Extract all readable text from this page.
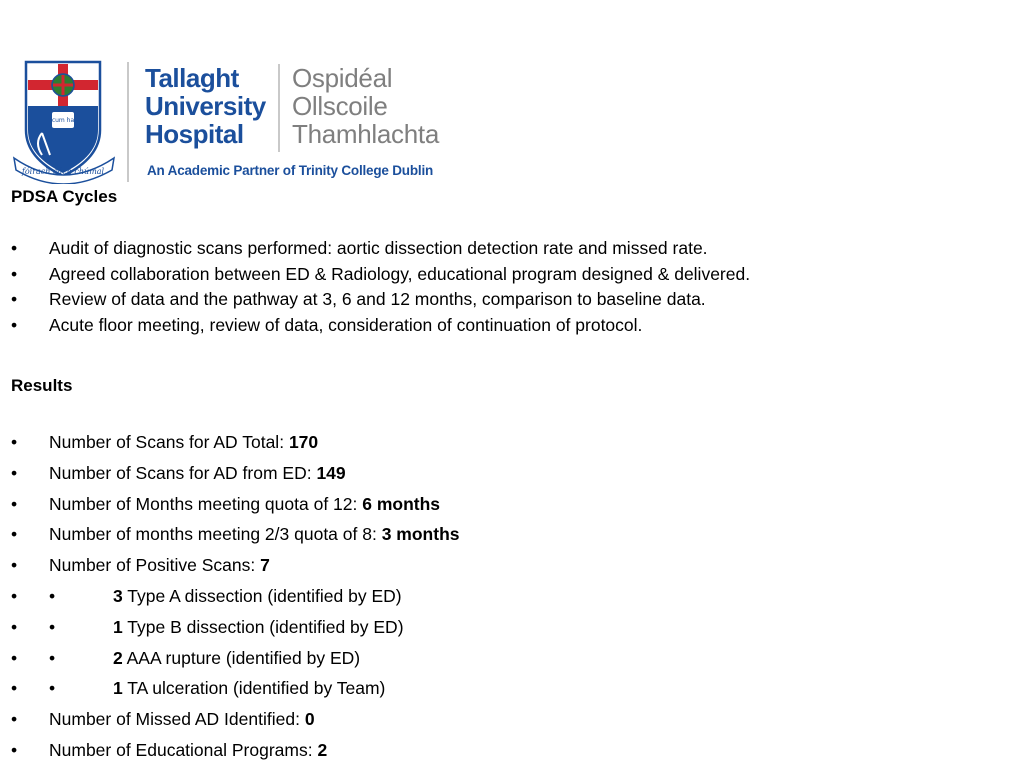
cum ha
fóirach cách chúmal
Tallaght
University
Hospital
Ospidéal
Ollscoile
Thamhlachta
An Academic Partner of Trinity College Dublin
PDSA Cycles
• Audit of diagnostic scans performed: aortic dissection detection rate and missed rate.
• Agreed collaboration between ED & Radiology, educational program designed & delivered.
• Review of data and the pathway at 3, 6 and 12 months, comparison to baseline data.
• Acute floor meeting, review of data, consideration of continuation of protocol.
Results
• Number of Scans for AD Total: 170
• Number of Scans for AD from ED: 149
• Number of Months meeting quota of 12: 6 months
• Number of months meeting 2/3 quota of 8: 3 months
• Number of Positive Scans: 7
• •	3 Type A dissection (identified by ED)
• •	1 Type B dissection (identified by ED)
• •	2 AAA rupture (identified by ED)
• •	1 TA ulceration (identified by Team)
• Number of Missed AD Identified: 0
• Number of Educational Programs: 2
